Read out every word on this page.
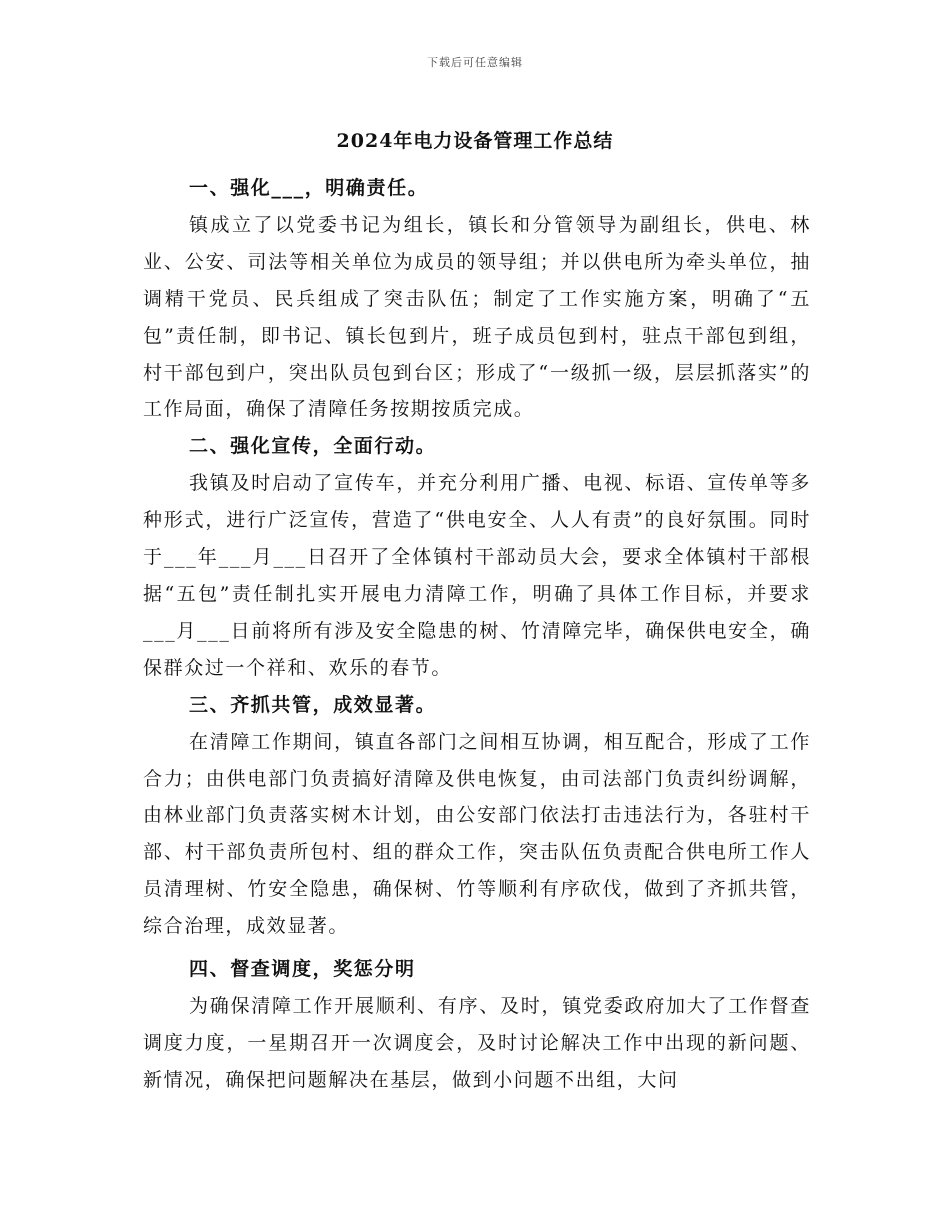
下载后可任意编辑
2024年电力设备管理工作总结

一、强化___，明确责任。

镇成立了以党委书记为组长，镇长和分管领导为副组长，供电、林业、公安、司法等相关单位为成员的领导组；并以供电所为牵头单位，抽调精干党员、民兵组成了突击队伍；制定了工作实施方案，明确了“五包”责任制，即书记、镇长包到片，班子成员包到村，驻点干部包到组，村干部包到户，突出队员包到台区；形成了“一级抓一级，层层抓落实”的工作局面，确保了清障任务按期按质完成。

二、强化宣传，全面行动。

我镇及时启动了宣传车，并充分利用广播、电视、标语、宣传单等多种形式，进行广泛宣传，营造了“供电安全、人人有责”的良好氛围。同时于___年___月___日召开了全体镇村干部动员大会，要求全体镇村干部根据“五包”责任制扎实开展电力清障工作，明确了具体工作目标，并要求___月___日前将所有涉及安全隐患的树、竹清障完毕，确保供电安全，确保群众过一个祥和、欢乐的春节。

三、齐抓共管，成效显著。

在清障工作期间，镇直各部门之间相互协调，相互配合，形成了工作合力；由供电部门负责搞好清障及供电恢复，由司法部门负责纠纷调解，由林业部门负责落实树木计划，由公安部门依法打击违法行为，各驻村干部、村干部负责所包村、组的群众工作，突击队伍负责配合供电所工作人员清理树、竹安全隐患，确保树、竹等顺利有序砍伐，做到了齐抓共管，综合治理，成效显著。

四、督查调度，奖惩分明

为确保清障工作开展顺利、有序、及时，镇党委政府加大了工作督查调度力度，一星期召开一次调度会，及时讨论解决工作中出现的新问题、新情况，确保把问题解决在基层，做到小问题不出组，大问
